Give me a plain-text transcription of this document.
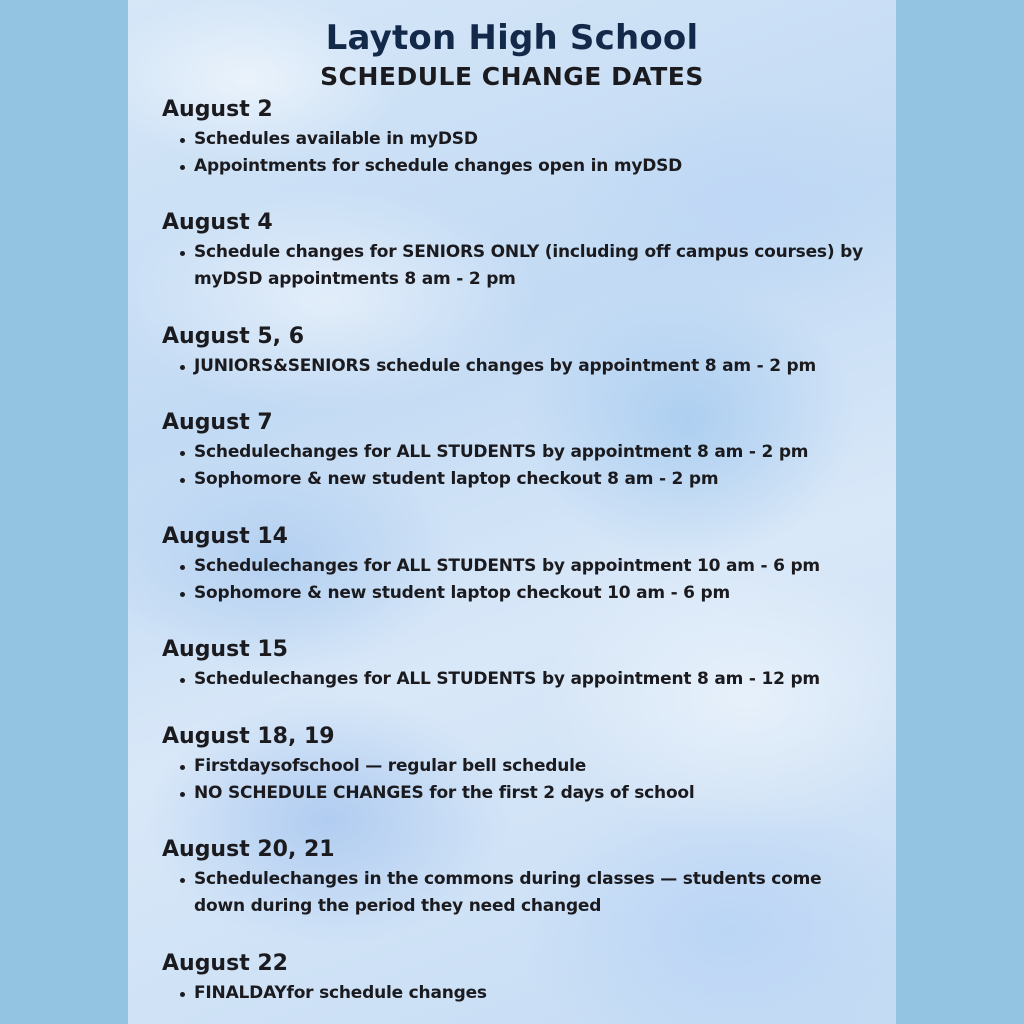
Layton High School
SCHEDULE CHANGE DATES
August 2
Schedules available in myDSD
Appointments for schedule changes open in myDSD
August 4
Schedule changes for SENIORS ONLY (including off campus courses) by myDSD appointments 8 am - 2 pm
August 5, 6
JUNIORS&SENIORS schedule changes by appointment 8 am - 2 pm
August 7
Schedulechanges for ALL STUDENTS by appointment 8 am - 2 pm
Sophomore & new student laptop checkout 8 am - 2 pm
August 14
Schedulechanges for ALL STUDENTS by appointment 10 am - 6 pm
Sophomore & new student laptop checkout 10 am - 6 pm
August 15
Schedulechanges for ALL STUDENTS by appointment 8 am - 12 pm
August 18, 19
Firstdaysofschool — regular bell schedule
NO SCHEDULE CHANGES for the first 2 days of school
August 20, 21
Schedulechanges in the commons during classes — students come down during the period they need changed
August 22
FINALDAYfor schedule changes
